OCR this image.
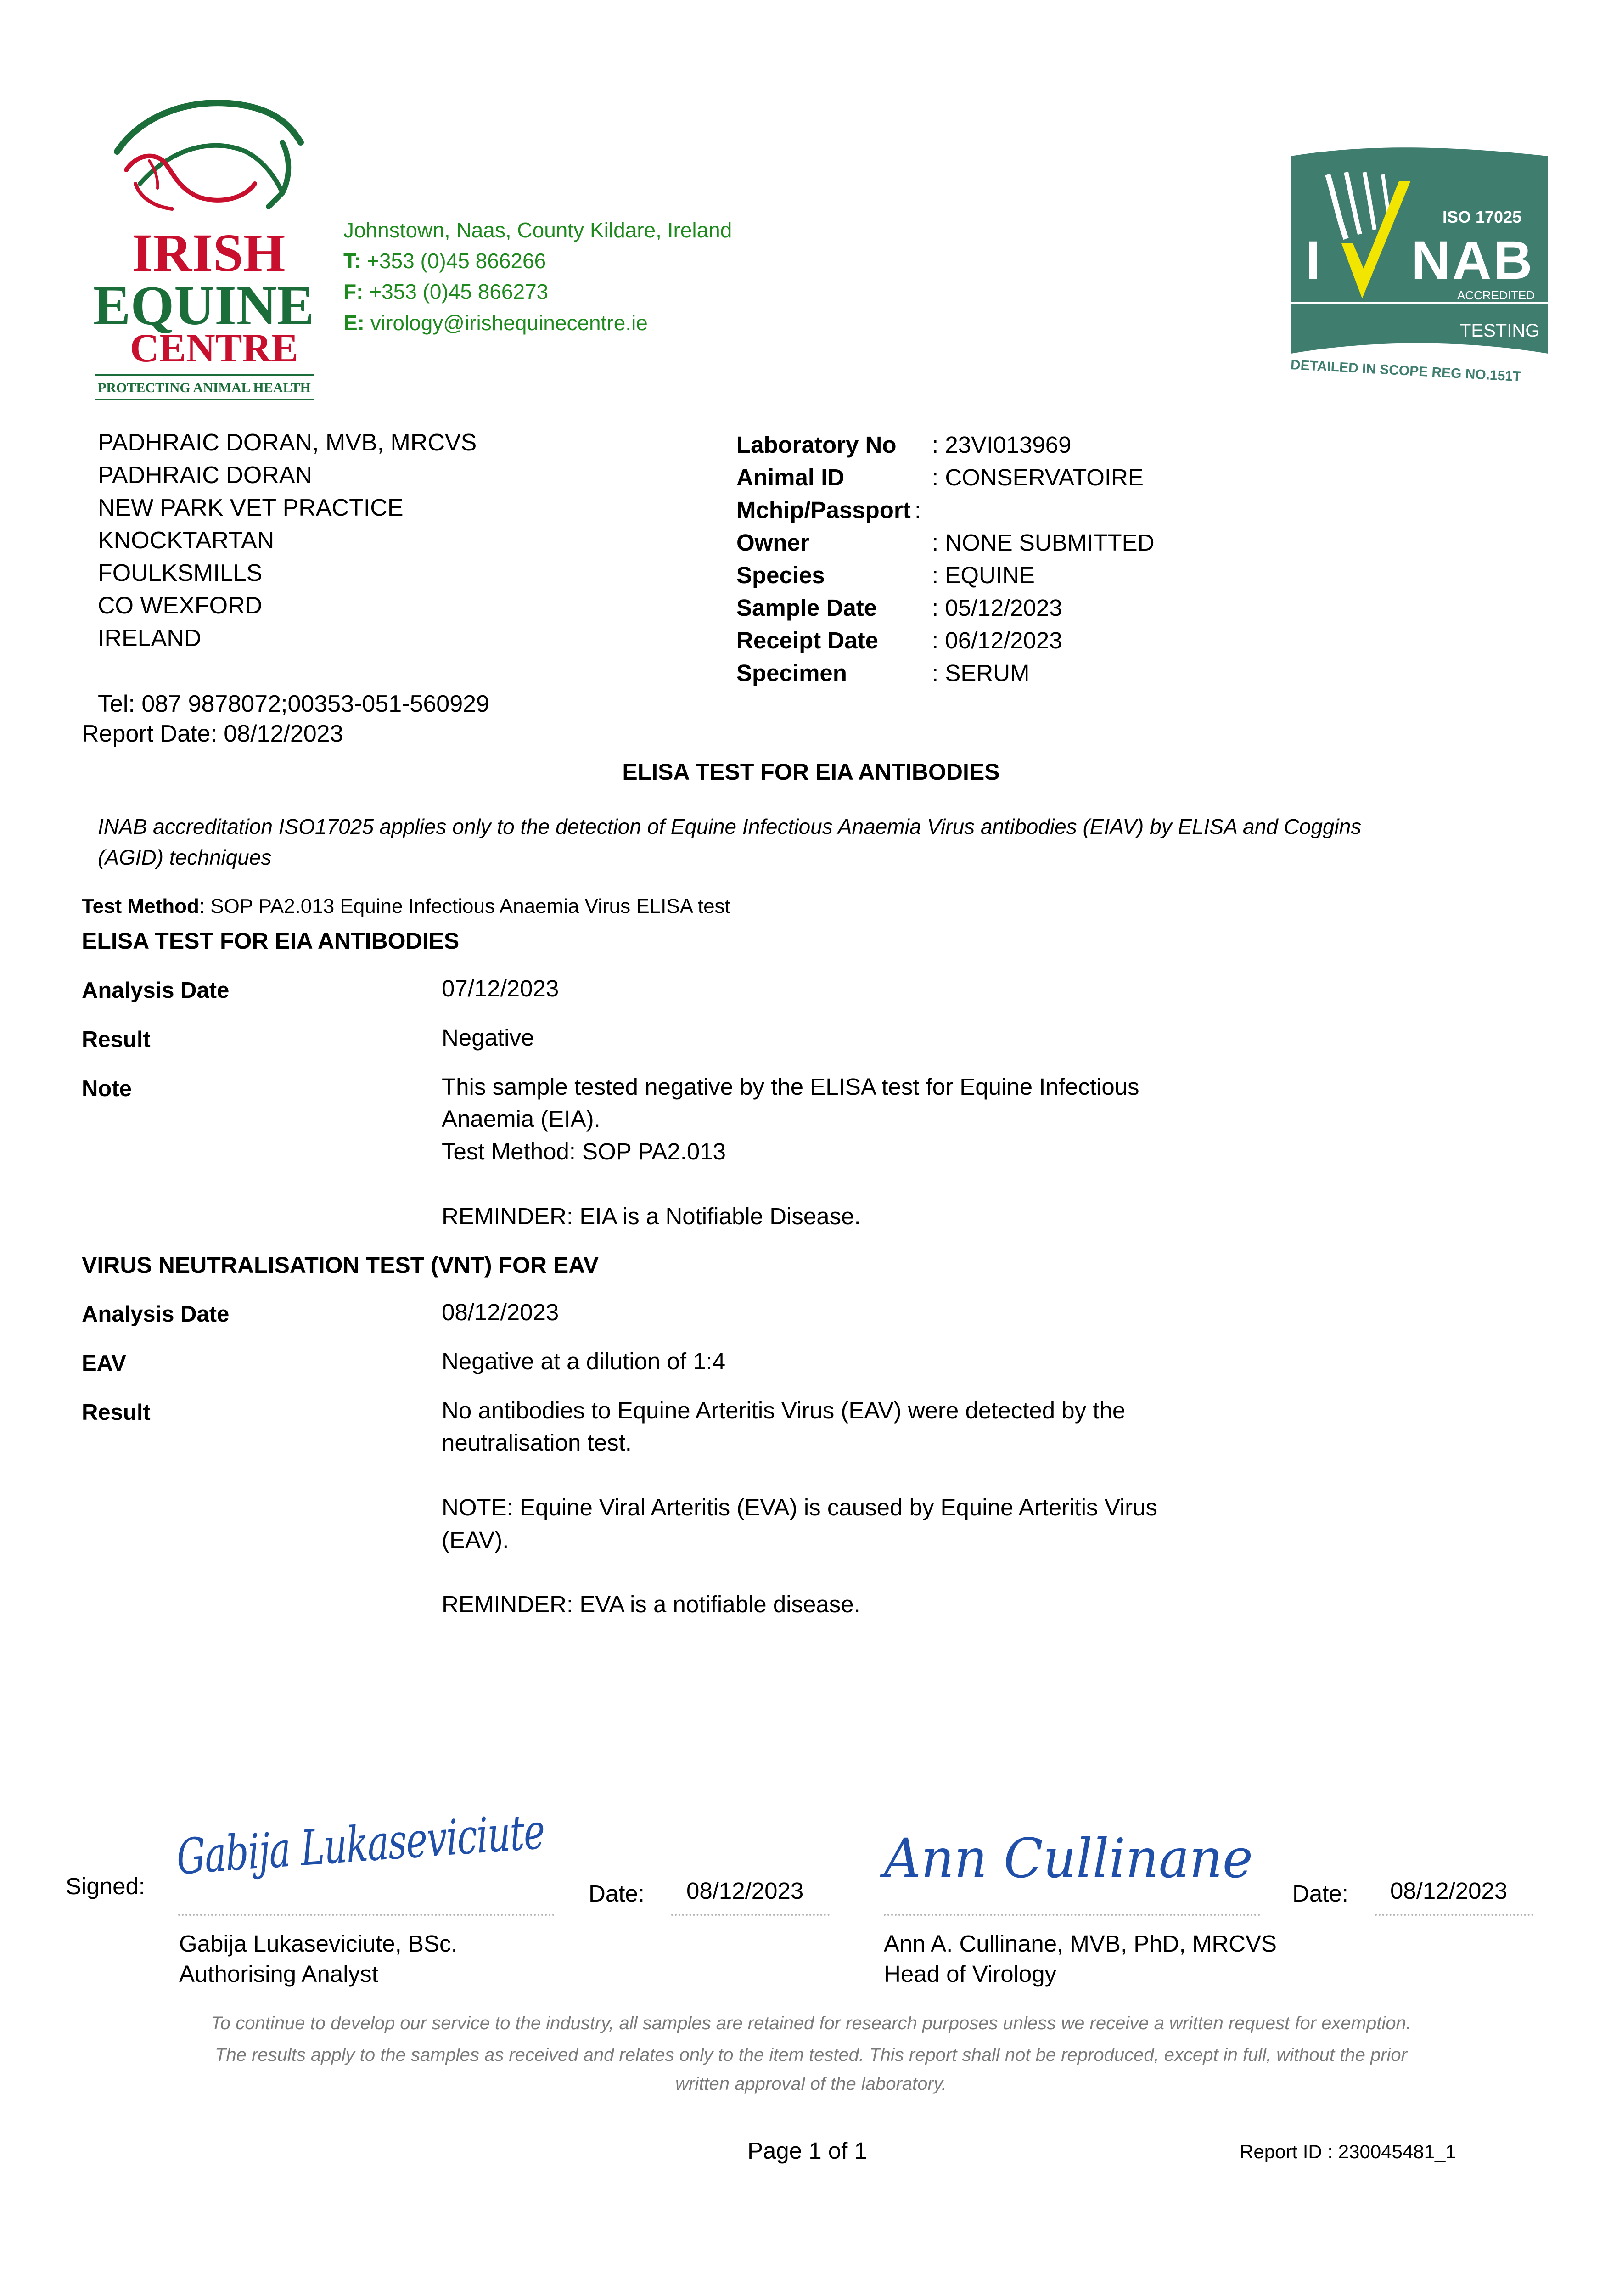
IRISH
EQUINE
CENTRE
PROTECTING ANIMAL HEALTH
Johnstown, Naas, County Kildare, Ireland
T: +353 (0)45 866266
F: +353 (0)45 866273
E: virology@irishequinecentre.ie
ISO 17025
I NAB
ACCREDITED
TESTING
DETAILED IN SCOPE REG NO.151T
PADHRAIC DORAN, MVB, MRCVS
PADHRAIC DORAN
NEW PARK VET PRACTICE
KNOCKTARTAN
FOULKSMILLS
CO WEXFORD
IRELAND
Tel: 087 9878072;00353-051-560929
Report Date: 08/12/2023
Laboratory No : 23VI013969
Animal ID	: CONSERVATOIRE
Mchip/Passport :
Owner	: NONE SUBMITTED
Species	: EQUINE
Sample Date : 05/12/2023
Receipt Date : 06/12/2023
Specimen	: SERUM
ELISA TEST FOR EIA ANTIBODIES
INAB accreditation ISO17025 applies only to the detection of Equine Infectious Anaemia Virus antibodies (EIAV) by ELISA and Coggins (AGID) techniques
Test Method: SOP PA2.013 Equine Infectious Anaemia Virus ELISA test
ELISA TEST FOR EIA ANTIBODIES
Analysis Date	07/12/2023
Result	Negative
Note	This sample tested negative by the ELISA test for Equine Infectious
Anaemia (EIA).
Test Method: SOP PA2.013

REMINDER: EIA is a Notifiable Disease.
VIRUS NEUTRALISATION TEST (VNT) FOR EAV
Analysis Date	08/12/2023
EAV	Negative at a dilution of 1:4
Result	No antibodies to Equine Arteritis Virus (EAV) were detected by the
neutralisation test.

NOTE: Equine Viral Arteritis (EVA) is caused by Equine Arteritis Virus
(EAV).

REMINDER: EVA is a notifiable disease.
Signed:
Gabija Lukaseviciute
Date: 08/12/2023
Gabija Lukaseviciute, BSc.
Authorising Analyst
Ann Cullinane
Date: 08/12/2023
Ann A. Cullinane, MVB, PhD, MRCVS
Head of Virology
To continue to develop our service to the industry, all samples are retained for research purposes unless we receive a written request for exemption.
The results apply to the samples as received and relates only to the item tested. This report shall not be reproduced, except in full, without the prior
written approval of the laboratory.
Page 1 of 1	Report ID : 230045481_1
